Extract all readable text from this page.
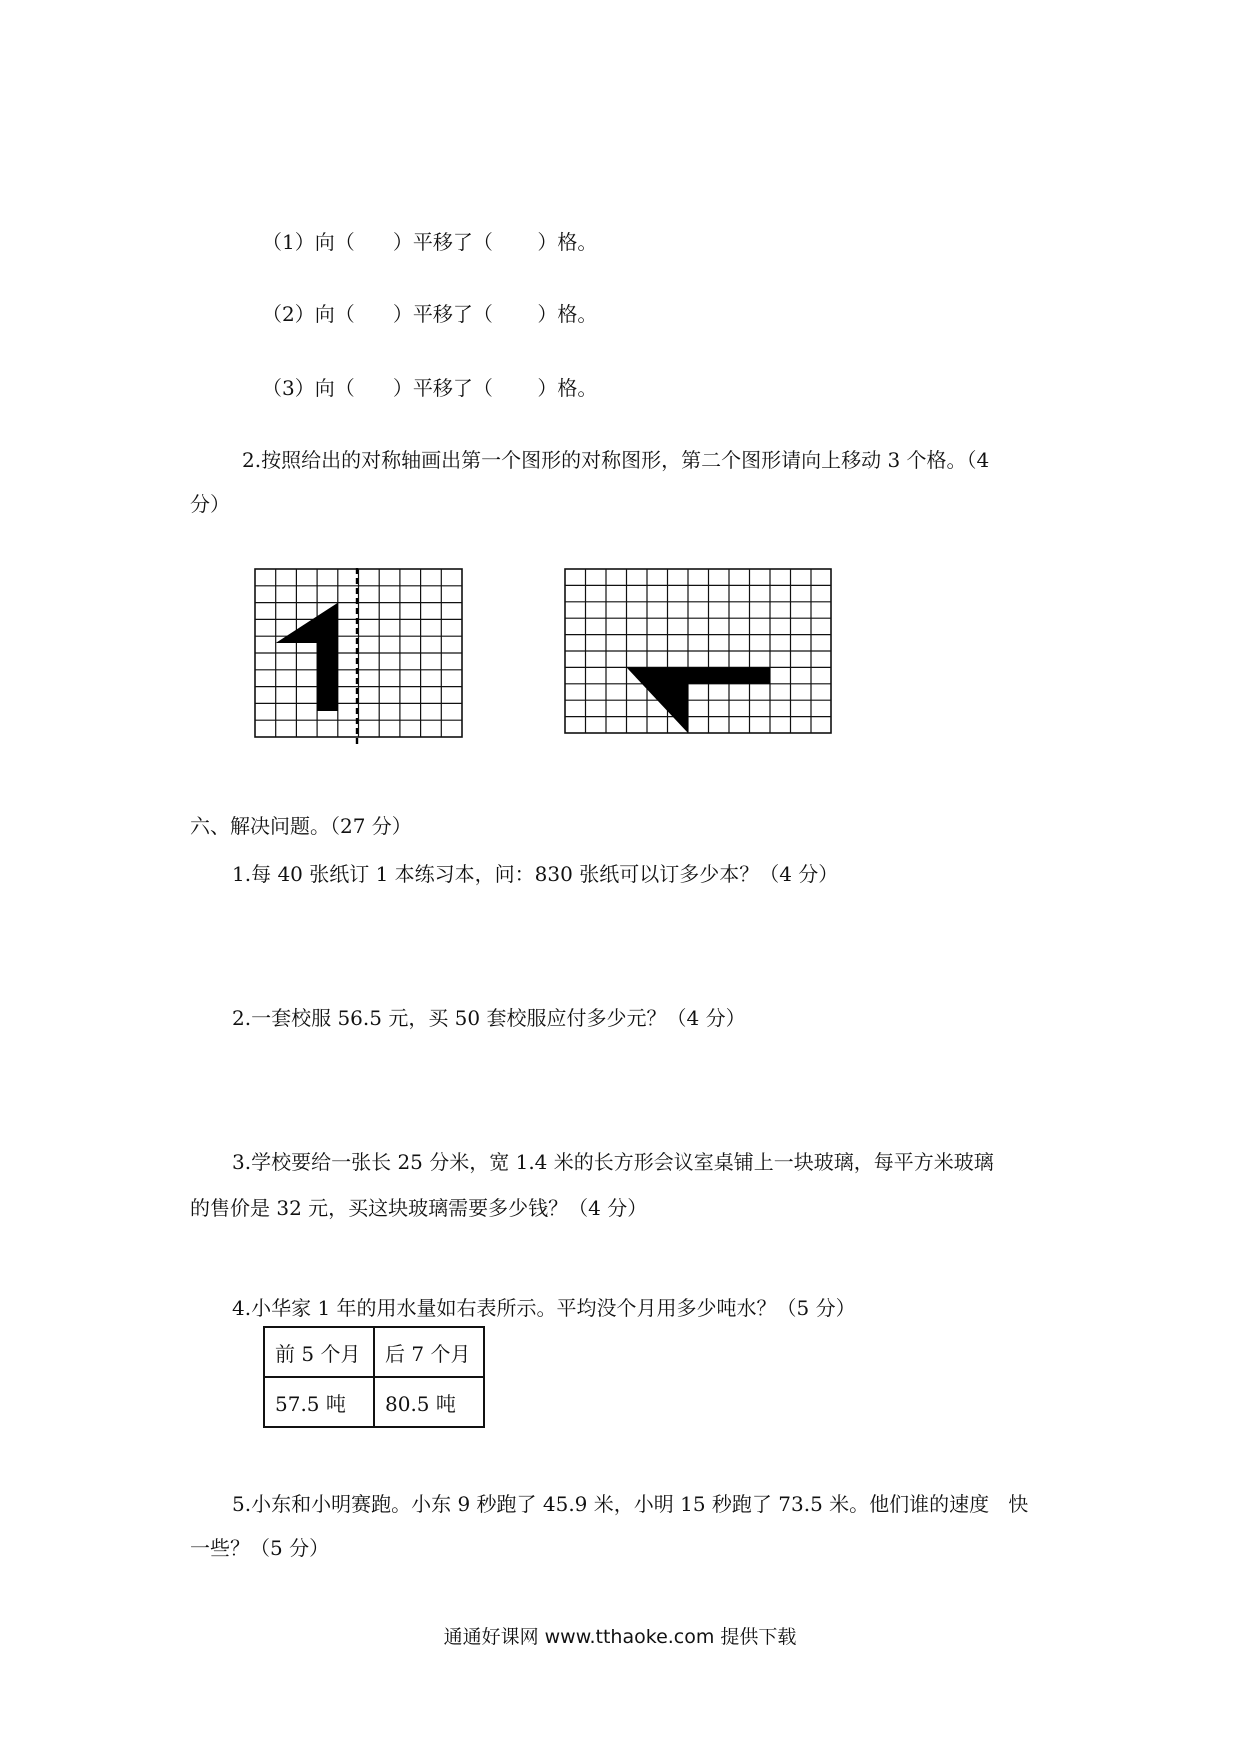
（1）向（      ）平移了（       ）格。
（2）向（      ）平移了（       ）格。
（3）向（      ）平移了（       ）格。
2.按照给出的对称轴画出第一个图形的对称图形，第二个图形请向上移动 3 个格。（4
分）
六、解决问题。（27 分）
1.每 40 张纸订 1 本练习本，问：830 张纸可以订多少本？（4 分）
2.一套校服 56.5 元，买 50 套校服应付多少元？（4 分）
3.学校要给一张长 25 分米，宽 1.4 米的长方形会议室桌铺上一块玻璃，每平方米玻璃
的售价是 32 元，买这块玻璃需要多少钱？（4 分）
4.小华家 1 年的用水量如右表所示。平均没个月用多少吨水？（5 分）
前 5 个月	后 7 个月
57.5 吨	80.5 吨
5.小东和小明赛跑。小东 9 秒跑了 45.9 米，小明 15 秒跑了 73.5 米。他们谁的速度   快
一些？（5 分）
通通好课网 www.tthaoke.com 提供下载
